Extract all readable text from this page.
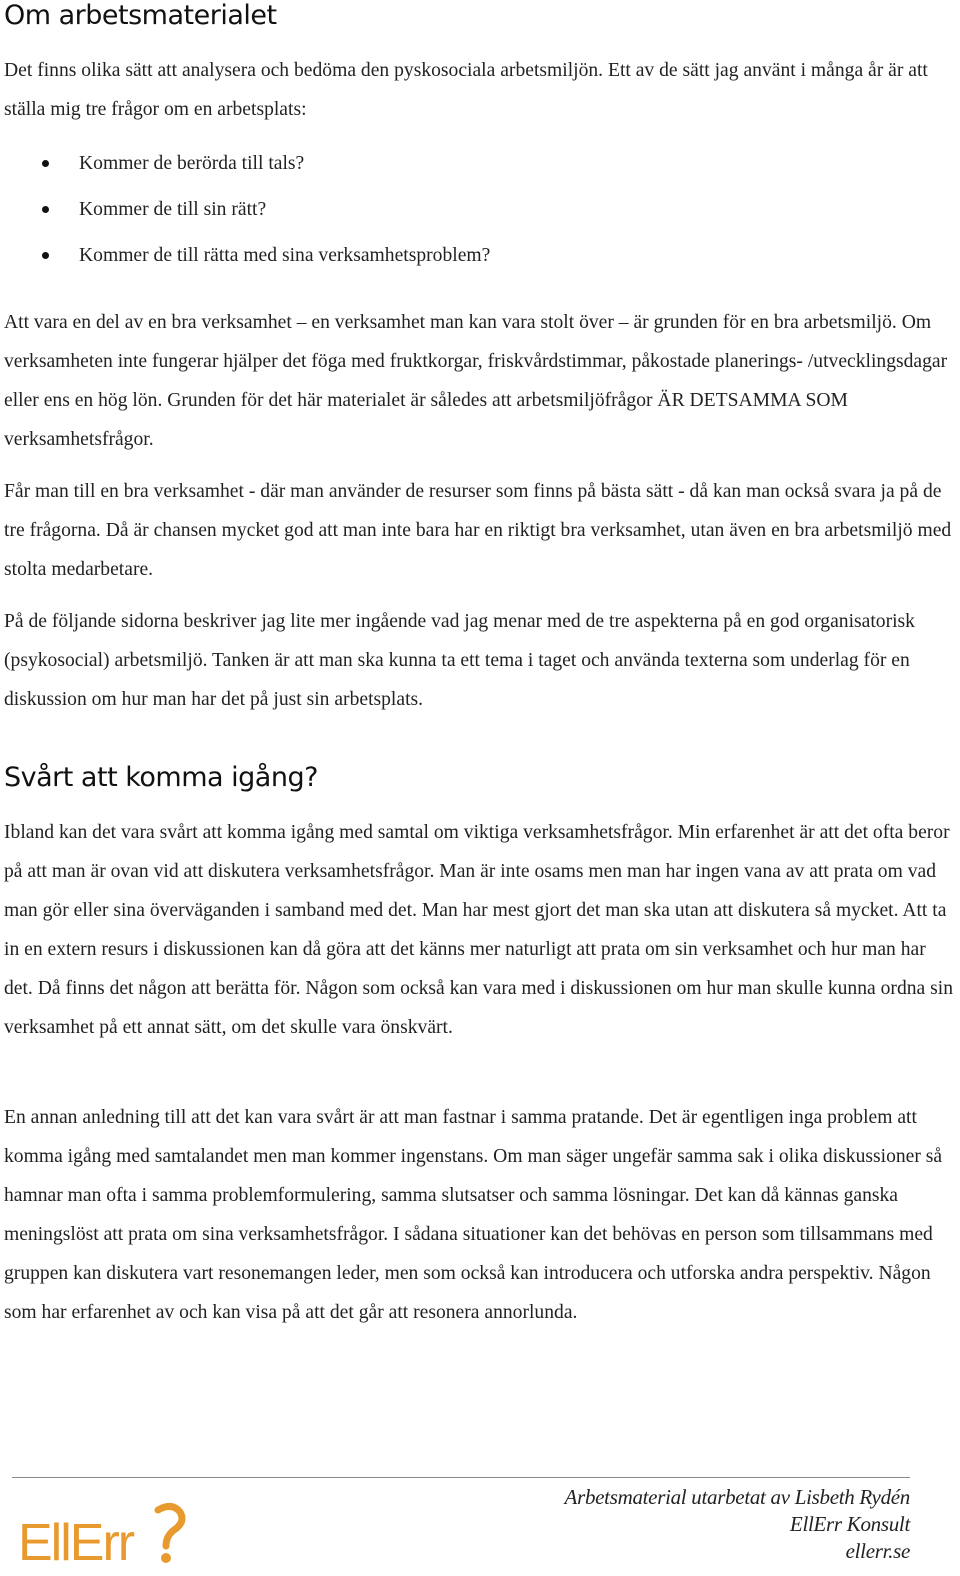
Om arbetsmaterialet

Det finns olika sätt att analysera och bedöma den pyskosociala arbetsmiljön. Ett av de sätt jag använt i många år är att ställa mig tre frågor om en arbetsplats:

Kommer de berörda till tals?
Kommer de till sin rätt?
Kommer de till rätta med sina verksamhetsproblem?

Att vara en del av en bra verksamhet – en verksamhet man kan vara stolt över – är grunden för en bra arbetsmiljö. Om verksamheten inte fungerar hjälper det föga med fruktkorgar, friskvårdstimmar, påkostade planerings- /utvecklingsdagar eller ens en hög lön. Grunden för det här materialet är således att arbetsmiljöfrågor ÄR DETSAMMA SOM verksamhetsfrågor.

Får man till en bra verksamhet - där man använder de resurser som finns på bästa sätt - då kan man också svara ja på de tre frågorna. Då är chansen mycket god att man inte bara har en riktigt bra verksamhet, utan även en bra arbetsmiljö med stolta medarbetare.

På de följande sidorna beskriver jag lite mer ingående vad jag menar med de tre aspekterna på en god organisatorisk (psykosocial) arbetsmiljö. Tanken är att man ska kunna ta ett tema i taget och använda texterna som underlag för en diskussion om hur man har det på just sin arbetsplats.

Svårt att komma igång?

Ibland kan det vara svårt att komma igång med samtal om viktiga verksamhetsfrågor. Min erfarenhet är att det ofta beror på att man är ovan vid att diskutera verksamhetsfrågor. Man är inte osams men man har ingen vana av att prata om vad man gör eller sina överväganden i samband med det. Man har mest gjort det man ska utan att diskutera så mycket. Att ta in en extern resurs i diskussionen kan då göra att det känns mer naturligt att prata om sin verksamhet och hur man har det. Då finns det någon att berätta för. Någon som också kan vara med i diskussionen om hur man skulle kunna ordna sin verksamhet på ett annat sätt, om det skulle vara önskvärt.

En annan anledning till att det kan vara svårt är att man fastnar i samma pratande. Det är egentligen inga problem att komma igång med samtalandet men man kommer ingenstans. Om man säger ungefär samma sak i olika diskussioner så hamnar man ofta i samma problemformulering, samma slutsatser och samma lösningar. Det kan då kännas ganska meningslöst att prata om sina verksamhetsfrågor. I sådana situationer kan det behövas en person som tillsammans med gruppen kan diskutera vart resonemangen leder, men som också kan introducera och utforska andra perspektiv. Någon som har erfarenhet av och kan visa på att det går att resonera annorlunda.

EllErr
Arbetsmaterial utarbetat av Lisbeth Rydén
EllErr Konsult
ellerr.se
